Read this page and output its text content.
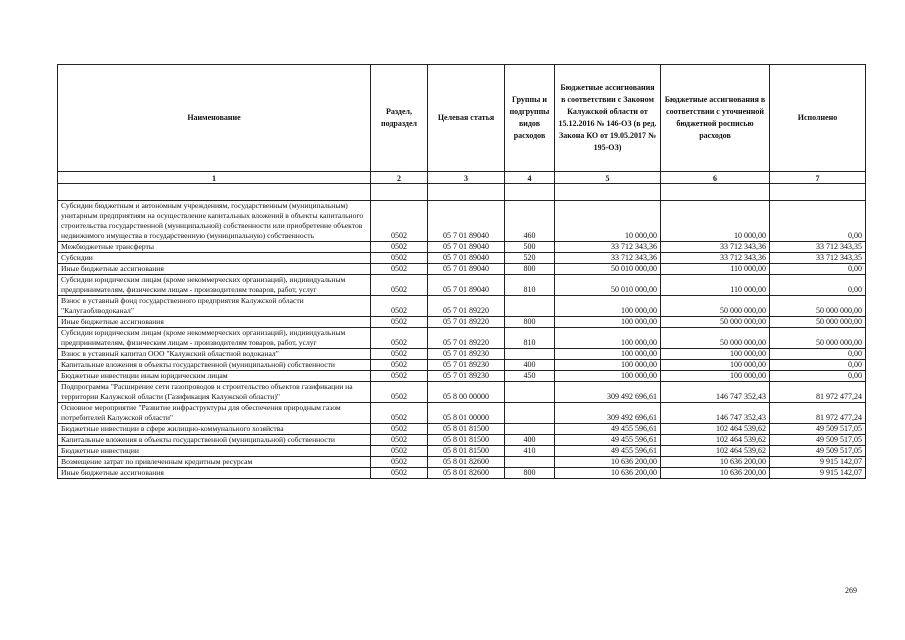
Наименование	Раздел, подраздел	Целевая статья	Группы и подгруппы видов расходов	Бюджетные ассигнования в соответствии с Законом Калужской области от 15.12.2016 № 146-ОЗ (в ред. Закона КО от 19.05.2017 № 195-ОЗ)	Бюджетные ассигнования в соответствии с уточненной бюджетной росписью расходов	Исполнено
1	2	3	4	5	6	7

Субсидии бюджетным и автономным учреждениям, государственным (муниципальным) унитарным предприятиям на осуществление капитальных вложений в объекты капитального строительства государственной (муниципальной) собственности или приобретение объектов недвижимого имущества в государственную (муниципальную) собственность	0502	05 7 01 89040	460	10 000,00	10 000,00	0,00
Межбюджетные трансферты	0502	05 7 01 89040	500	33 712 343,36	33 712 343,36	33 712 343,35
Субсидии	0502	05 7 01 89040	520	33 712 343,36	33 712 343,36	33 712 343,35
Иные бюджетные ассигнования	0502	05 7 01 89040	800	50 010 000,00	110 000,00	0,00
Субсидии юридическим лицам (кроме некоммерческих организаций), индивидуальным предпринимателям, физическим лицам - производителям товаров, работ, услуг	0502	05 7 01 89040	810	50 010 000,00	110 000,00	0,00
Взнос в уставный фонд государственного предприятия Калужской области "Калугаоблводоканал"	0502	05 7 01 89220		100 000,00	50 000 000,00	50 000 000,00
Иные бюджетные ассигнования	0502	05 7 01 89220	800	100 000,00	50 000 000,00	50 000 000,00
Субсидии юридическим лицам (кроме некоммерческих организаций), индивидуальным предпринимателям, физическим лицам - производителям товаров, работ, услуг	0502	05 7 01 89220	810	100 000,00	50 000 000,00	50 000 000,00
Взнос в уставный капитал ООО "Калужский областной водоканал"	0502	05 7 01 89230		100 000,00	100 000,00	0,00
Капитальные вложения в объекты государственной (муниципальной) собственности	0502	05 7 01 89230	400	100 000,00	100 000,00	0,00
Бюджетные инвестиции иным юридическим лицам	0502	05 7 01 89230	450	100 000,00	100 000,00	0,00
Подпрограмма "Расширение сети газопроводов и строительство объектов газификации на территории Калужской области (Газификация Калужской области)"	0502	05 8 00 00000		309 492 696,61	146 747 352,43	81 972 477,24
Основное мероприятие "Развитие инфраструктуры для обеспечения природным газом потребителей Калужской области"	0502	05 8 01 00000		309 492 696,61	146 747 352,43	81 972 477,24
Бюджетные инвестиции в сфере жилищно-коммунального хозяйства	0502	05 8 01 81500		49 455 596,61	102 464 539,62	49 509 517,05
Капитальные вложения в объекты государственной (муниципальной) собственности	0502	05 8 01 81500	400	49 455 596,61	102 464 539,62	49 509 517,05
Бюджетные инвестиции	0502	05 8 01 81500	410	49 455 596,61	102 464 539,62	49 509 517,05
Возмещение затрат по привлеченным кредитным ресурсам	0502	05 8 01 82600		10 636 200,00	10 636 200,00	9 915 142,07
Иные бюджетные ассигнования	0502	05 8 01 82600	800	10 636 200,00	10 636 200,00	9 915 142,07
269
